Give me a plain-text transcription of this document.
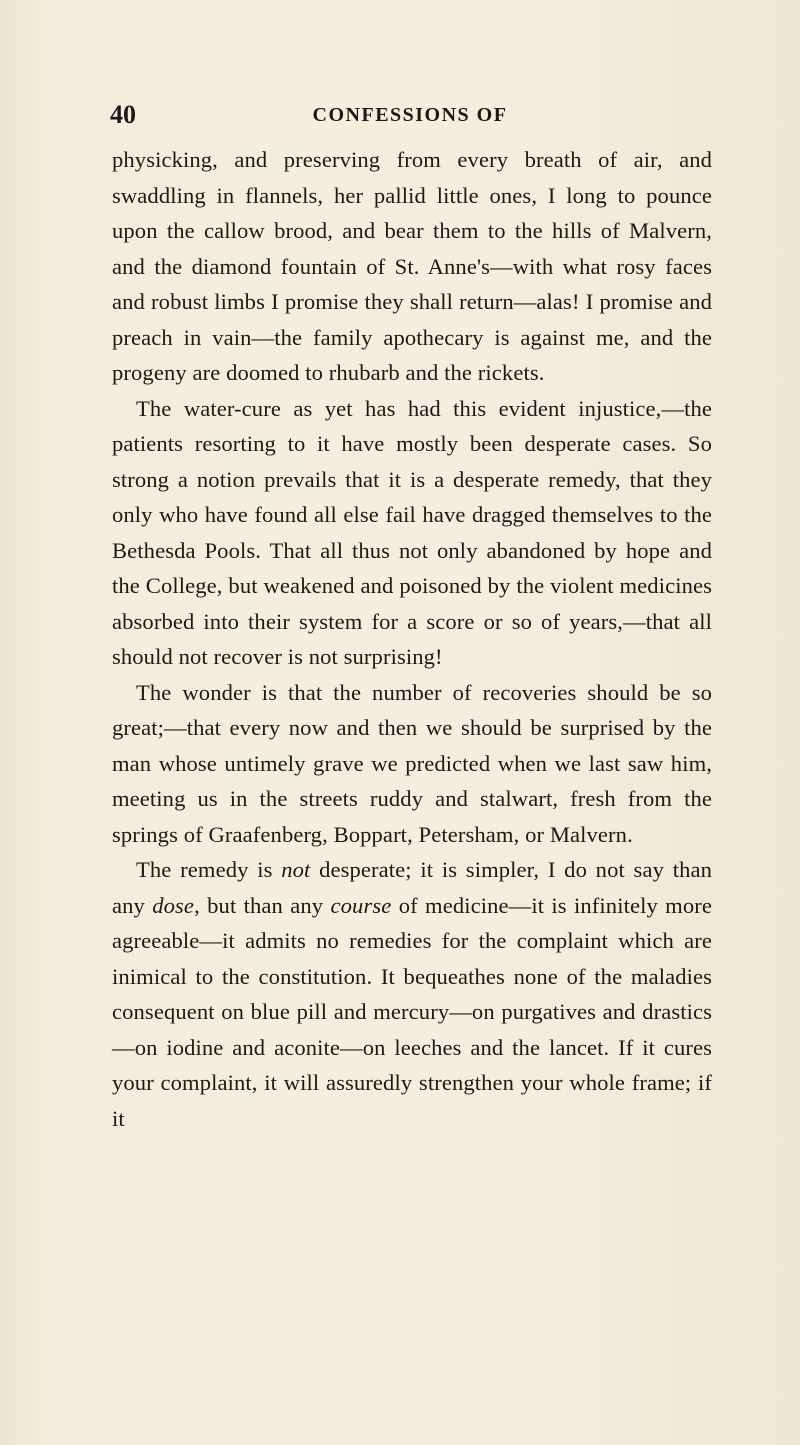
40	CONFESSIONS OF

physicking, and preserving from every breath of air, and swaddling in flannels, her pallid little ones, I long to pounce upon the callow brood, and bear them to the hills of Malvern, and the diamond fountain of St. Anne's—with what rosy faces and robust limbs I promise they shall return—alas! I promise and preach in vain—the family apothecary is against me, and the progeny are doomed to rhubarb and the rickets.

The water-cure as yet has had this evident injustice,—the patients resorting to it have mostly been desperate cases. So strong a notion prevails that it is a desperate remedy, that they only who have found all else fail have dragged themselves to the Bethesda Pools. That all thus not only abandoned by hope and the College, but weakened and poisoned by the violent medicines absorbed into their system for a score or so of years,—that all should not recover is not surprising!

The wonder is that the number of recoveries should be so great;—that every now and then we should be surprised by the man whose untimely grave we predicted when we last saw him, meeting us in the streets ruddy and stalwart, fresh from the springs of Graafenberg, Boppart, Petersham, or Malvern.

The remedy is not desperate; it is simpler, I do not say than any dose, but than any course of medicine—it is infinitely more agreeable—it admits no remedies for the complaint which are inimical to the constitution. It bequeathes none of the maladies consequent on blue pill and mercury—on purgatives and drastics—on iodine and aconite—on leeches and the lancet. If it cures your complaint, it will assuredly strengthen your whole frame; if it
